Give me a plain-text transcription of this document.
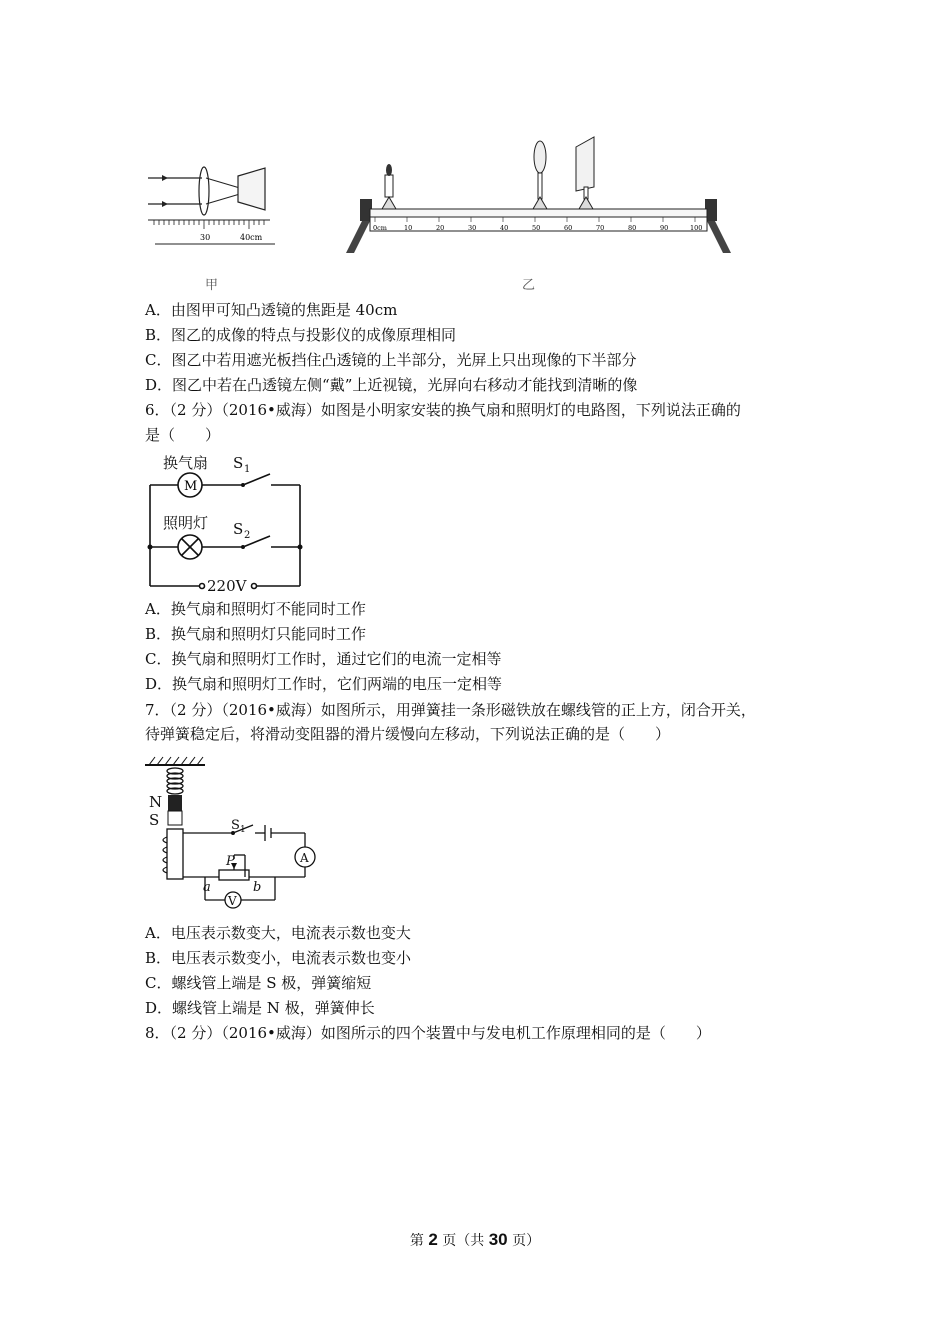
30	40cm
甲
0cm	10	20	30	40	50	60	70	80	90	100
乙
A．由图甲可知凸透镜的焦距是 40cm
B．图乙的成像的特点与投影仪的成像原理相同
C．图乙中若用遮光板挡住凸透镜的上半部分，光屏上只出现像的下半部分
D．图乙中若在凸透镜左侧“戴”上近视镜，光屏向右移动才能找到清晰的像
6．（2 分）（2016•威海）如图是小明家安装的换气扇和照明灯的电路图，下列说法正确的
是（　　）
换气扇 S 1
照明灯 S 2
220V
M
A．换气扇和照明灯不能同时工作
B．换气扇和照明灯只能同时工作
C．换气扇和照明灯工作时，通过它们的电流一定相等
D．换气扇和照明灯工作时，它们两端的电压一定相等
7．（2 分）（2016•威海）如图所示，用弹簧挂一条形磁铁放在螺线管的正上方，闭合开关，
待弹簧稳定后，将滑动变阻器的滑片缓慢向左移动，下列说法正确的是（　　）
N
S	S 1
A
V
P
a	b
A．电压表示数变大，电流表示数也变大
B．电压表示数变小，电流表示数也变小
C．螺线管上端是 S 极，弹簧缩短
D．螺线管上端是 N 极，弹簧伸长
8．（2 分）（2016•威海）如图所示的四个装置中与发电机工作原理相同的是（　　）
第 2 页（共 30 页）
